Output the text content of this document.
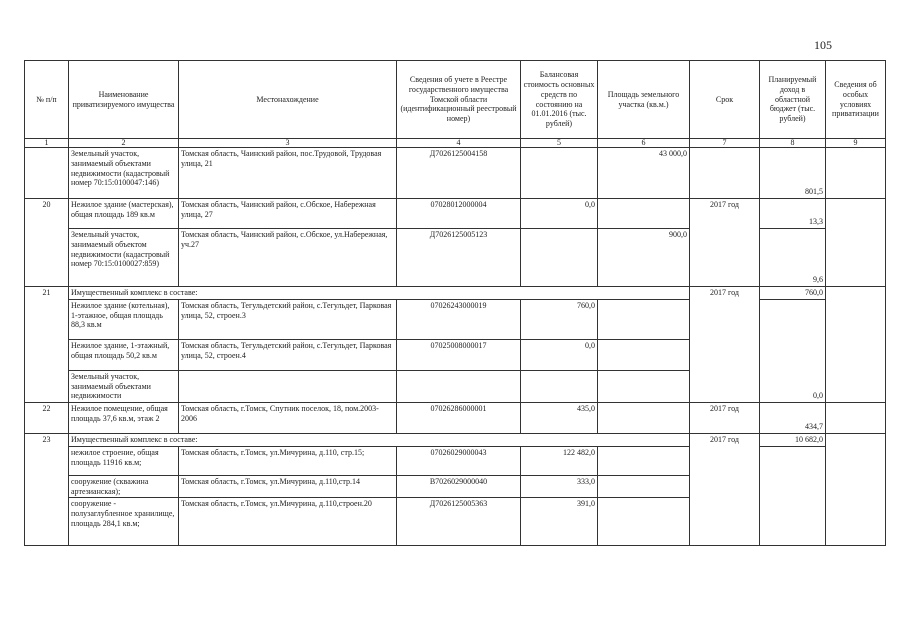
105
№ п/п	Наименование приватизируемого имущества	Местонахождение	Сведения об учете в Реестре государственного имущества Томской области (идентификационный реестровый номер)	Балансовая стоимость основных средств по состоянию на 01.01.2016 (тыс. рублей)	Площадь земельного участка (кв.м.)	Срок	Планируемый доход в областной бюджет (тыс. рублей)	Сведения об особых условиях приватизации
1	2	3	4	5	6	7	8	9
	Земельный участок, занимаемый объектами недвижимости (кадастровый номер 70:15:0100047:146)	Томская область, Чаинский район, пос.Трудовой, Трудовая улица, 21	Д7026125004158		43 000,0		801,5	
20	Нежилое здание (мастерская), общая площадь 189 кв.м	Томская область, Чаинский район, с.Обское, Набережная улица, 27	07028012000004	0,0		2017 год	13,3	
	Земельный участок, занимаемый объектом недвижимости (кадастровый номер 70:15:0100027:859)	Томская область, Чаинский район, с.Обское, ул.Набережная, уч.27	Д7026125005123		900,0		9,6	
21	Имущественный комплекс в составе:					2017 год	760,0	
	Нежилое здание (котельная), 1-этажное, общая площадь 88,3 кв.м	Томская область, Тегульдетский район, с.Тегульдет, Парковая улица, 52, строен.3	07026243000019	760,0			0,0	
	Нежилое здание, 1-этажный, общая площадь 50,2 кв.м	Томская область, Тегульдетский район, с.Тегульдет, Парковая улица, 52, строен.4	07025008000017	0,0				
	Земельный участок, занимаемый объектами недвижимости							
22	Нежилое помещение, общая площадь 37,6 кв.м, этаж 2	Томская область, г.Томск, Спутник поселок, 18, пом.2003-2006	07026286000001	435,0		2017 год	434,7	
23	Имущественный комплекс в составе:					2017 год	10 682,0	
	нежилое строение, общая площадь 11916 кв.м;	Томская область, г.Томск, ул.Мичурина, д.110, стр.15;	07026029000043	122 482,0				
	сооружение (скважина артезианская);	Томская область, г.Томск, ул.Мичурина, д.110,стр.14	В7026029000040	333,0				
	сооружение - полузаглубленное хранилище, площадь 284,1 кв.м;	Томская область, г.Томск, ул.Мичурина, д.110,строен.20	Д7026125005363	391,0				
